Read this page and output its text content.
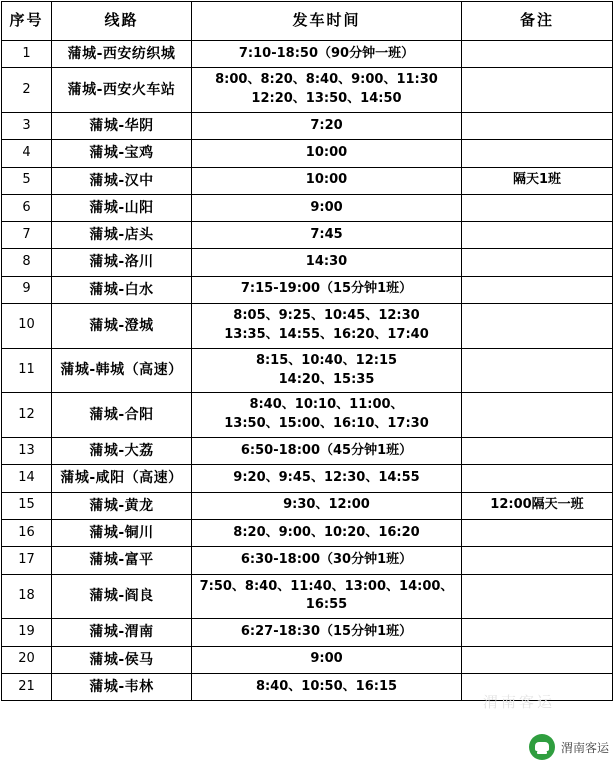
序号	线路	发车时间	备注
1	蒲城-西安纺织城	7:10-18:50（90分钟一班）	

2	蒲城-西安火车站	8:00、8:20、8:40、9:00、11:30
12:20、13:50、14:50	

3	蒲城-华阴	7:20	

4	蒲城-宝鸡	10:00	

5	蒲城-汉中	10:00	隔天1班
6	蒲城-山阳	9:00	

7	蒲城-店头	7:45	

8	蒲城-洛川	14:30	

9	蒲城-白水	7:15-19:00（15分钟1班）	

10	蒲城-澄城	8:05、9:25、10:45、12:30
13:35、14:55、16:20、17:40	

11	蒲城-韩城（高速）	8:15、10:40、12:15
14:20、15:35	

12	蒲城-合阳	8:40、10:10、11:00、
13:50、15:00、16:10、17:30	

13	蒲城-大荔	6:50-18:00（45分钟1班）	

14	蒲城-咸阳（高速）	9:20、9:45、12:30、14:55	

15	蒲城-黄龙	9:30、12:00	12:00隔天一班
16	蒲城-铜川	8:20、9:00、10:20、16:20	

17	蒲城-富平	6:30-18:00（30分钟1班）	

18	蒲城-阎良	7:50、8:40、11:40、13:00、14:00、
16:55	

19	蒲城-渭南	6:27-18:30（15分钟1班）	

20	蒲城-侯马	9:00	

21	蒲城-韦林	8:40、10:50、16:15	

渭南客运
渭南客运
